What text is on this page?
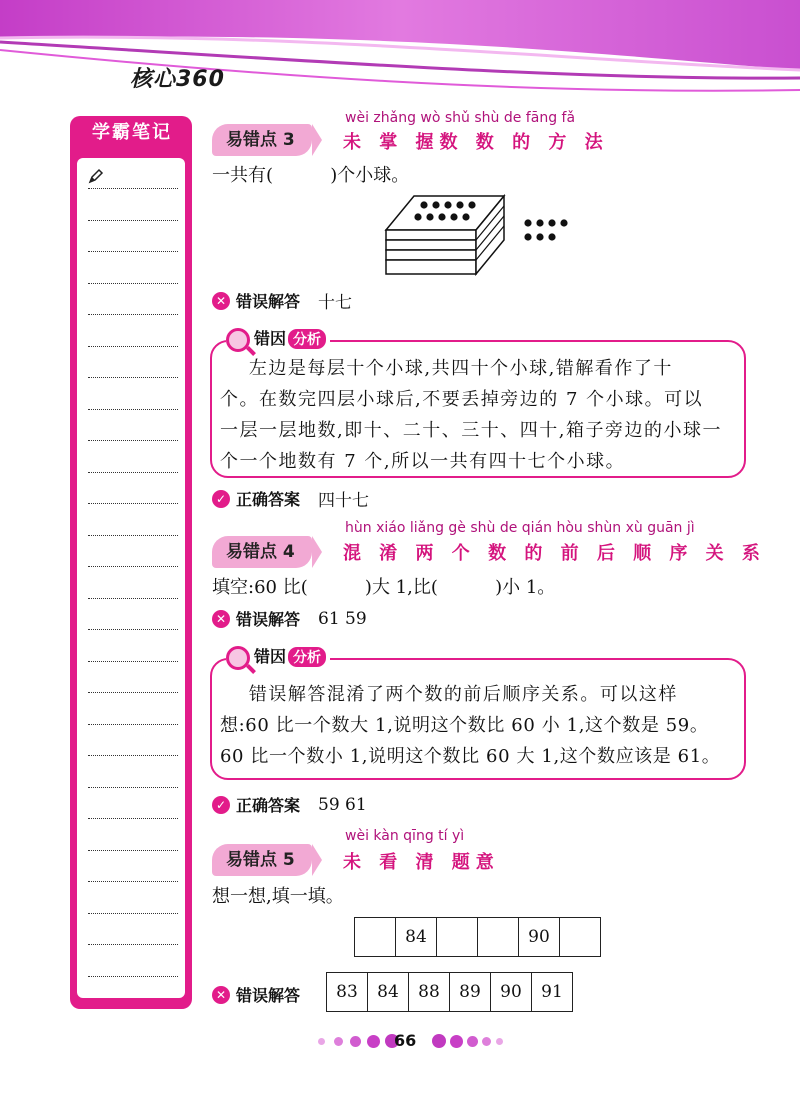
核心360
学霸笔记	易错点 3
wèi zhǎng wò shǔ shù de fāng fǎ
未 掌 握数 数 的 方 法
一共有(          )个小球。
✕ 错误解答 十七
错因 分析
左边是每层十个小球,共四十个小球,错解看作了十
个。在数完四层小球后,不要丢掉旁边的 7 个小球。可以
一层一层地数,即十、二十、三十、四十,箱子旁边的小球一
个一个地数有 7 个,所以一共有四十七个小球。
✓ 正确答案 四十七
易错点 4
hùn xiáo liǎng gè shù de qián hòu shùn xù guān jì
混 淆 两 个 数 的 前 后 顺 序 关 系
填空:60 比(          )大 1,比(          )小 1。
✕ 错误解答 61 59
错因 分析
错误解答混淆了两个数的前后顺序关系。可以这样
想:60 比一个数大 1,说明这个数比 60 小 1,这个数是 59。
60 比一个数小 1,说明这个数比 60 大 1,这个数应该是 61。
✓ 正确答案 59 61
易错点 5
wèi kàn qīng tí yì
未 看 清 题意
想一想,填一填。
	84			90	
✕ 错误解答 83	84	88	89	90	91
66
